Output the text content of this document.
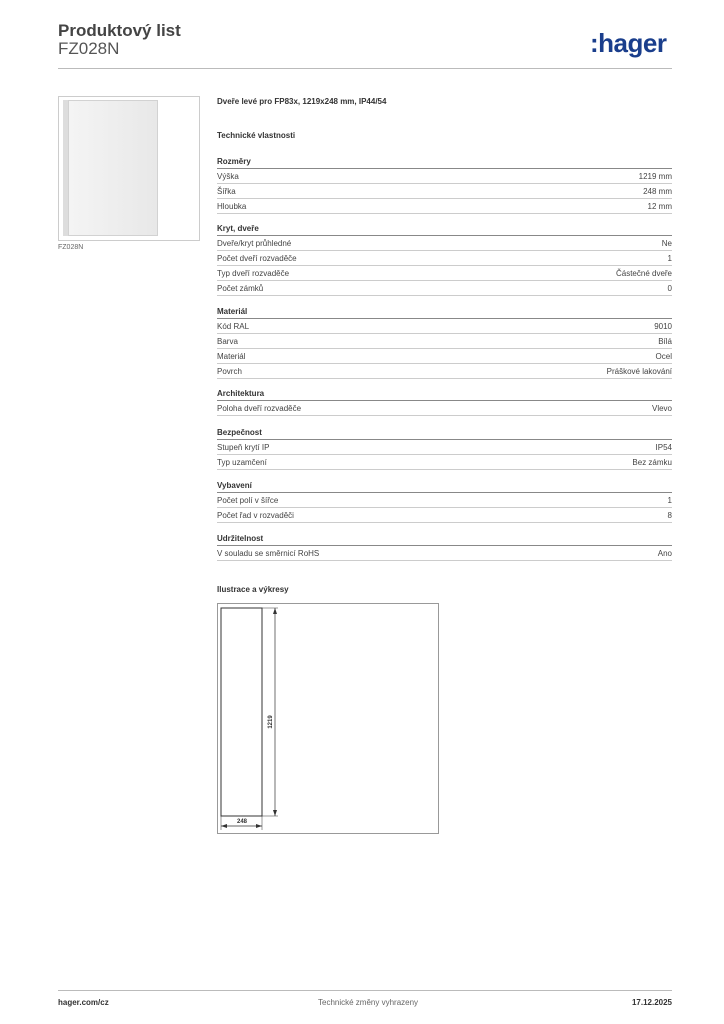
Produktový list
FZ028N	:hager
FZ028N
Dveře levé pro FP83x, 1219x248 mm, IP44/54
Technické vlastnosti
Rozměry
Výška	1219 mm
Šířka	248 mm
Hloubka	12 mm
Kryt, dveře
Dveře/kryt průhledné	Ne
Počet dveří rozvaděče	1
Typ dveří rozvaděče	Částečné dveře
Počet zámků	0
Materiál
Kód RAL	9010
Barva	Bílá
Materiál	Ocel
Povrch	Práškové lakování
Architektura
Poloha dveří rozvaděče	Vlevo
Bezpečnost
Stupeň krytí IP	IP54
Typ uzamčení	Bez zámku
Vybavení
Počet polí v šířce	1
Počet řad v rozvaděči	8
Udržitelnost
V souladu se směrnicí RoHS	Ano
Ilustrace a výkresy
1219
248
hager.com/cz	Technické změny vyhrazeny	17.12.2025
